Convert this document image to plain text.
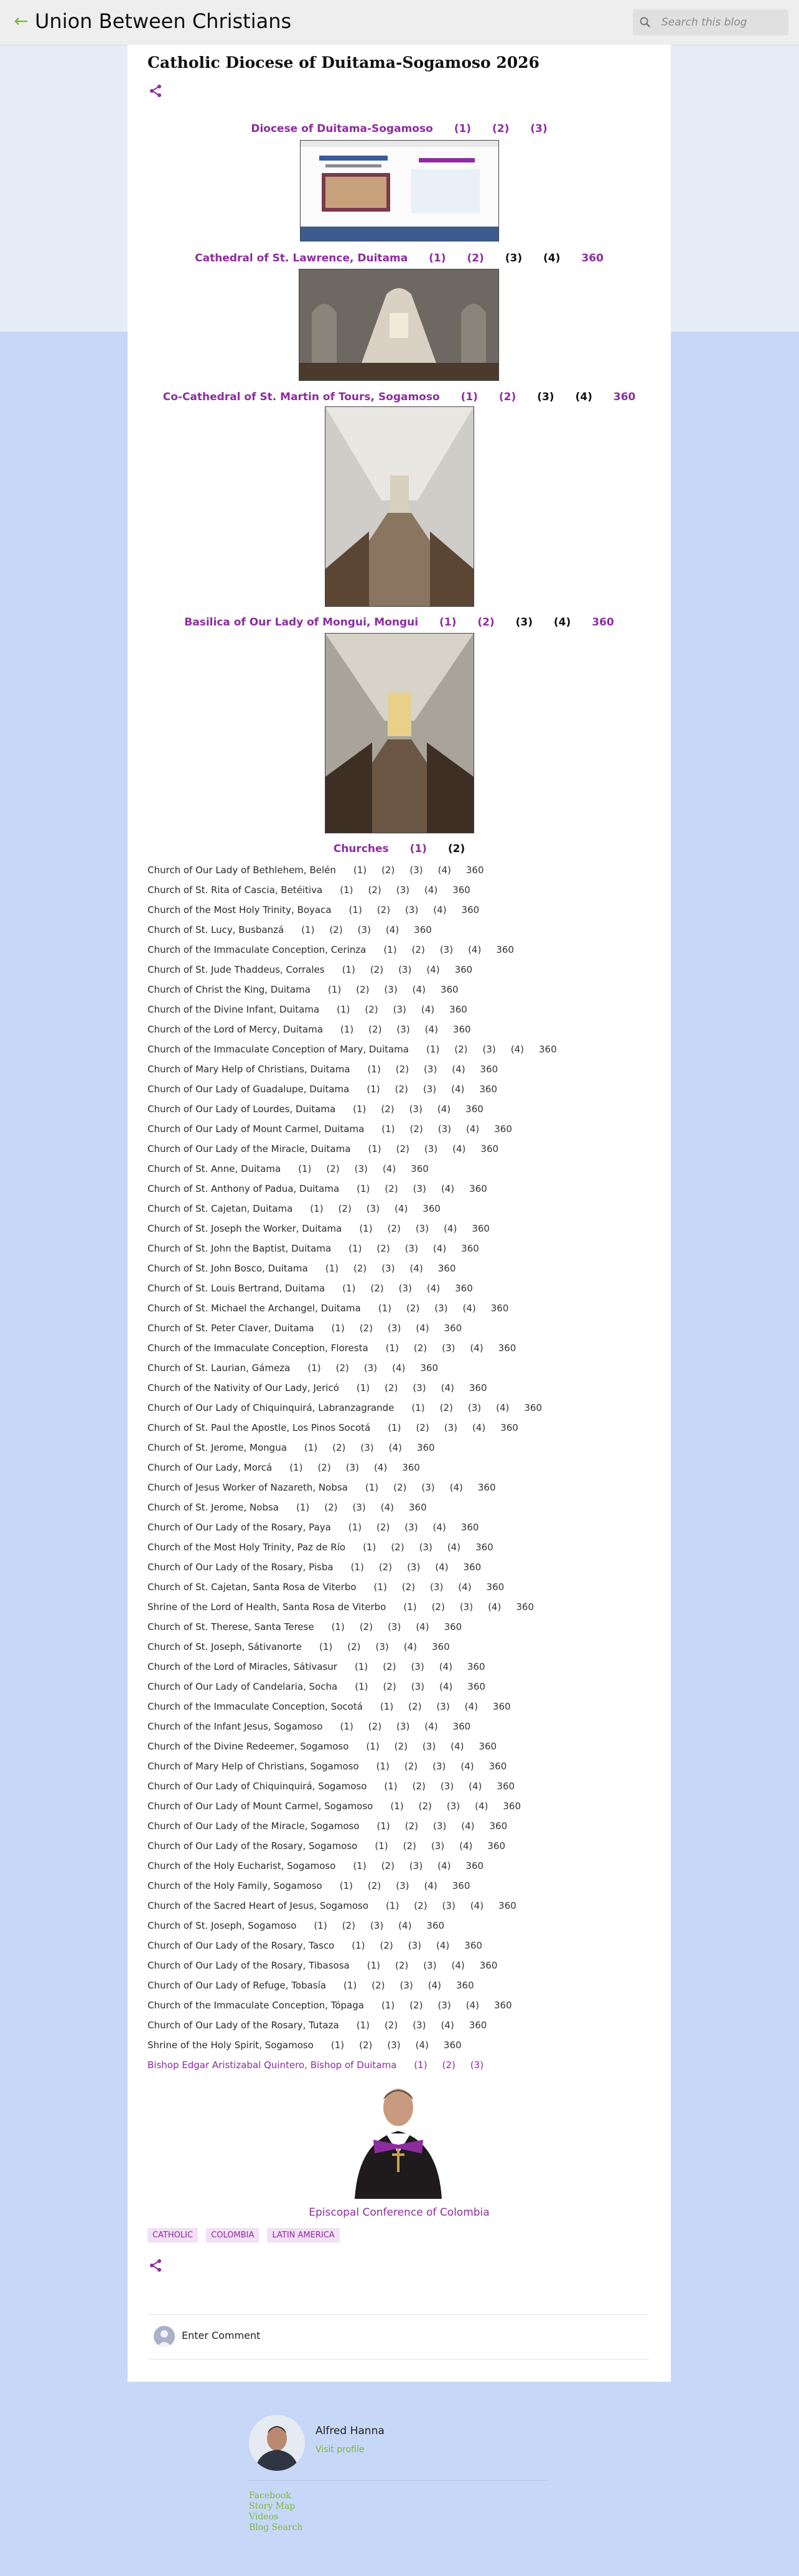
← Union Between Christians	Search this blog
Catholic Diocese of Duitama-Sogamoso 2026
Diocese of Duitama-Sogamoso (1) (2) (3)
Cathedral of St. Lawrence, Duitama (1) (2) (3) (4) 360
Co-Cathedral of St. Martin of Tours, Sogamoso (1) (2) (3) (4) 360
Basilica of Our Lady of Mongui, Mongui (1) (2) (3) (4) 360
Churches (1) (2)
Church of Our Lady of Bethlehem, Belén (1) (2) (3) (4) 360
Church of St. Rita of Cascia, Betéitiva (1) (2) (3) (4) 360
Church of the Most Holy Trinity, Boyaca (1) (2) (3) (4) 360
Church of St. Lucy, Busbanzá (1) (2) (3) (4) 360
Church of the Immaculate Conception, Cerinza (1) (2) (3) (4) 360
Church of St. Jude Thaddeus, Corrales (1) (2) (3) (4) 360
Church of Christ the King, Duitama (1) (2) (3) (4) 360
Church of the Divine Infant, Duitama (1) (2) (3) (4) 360
Church of the Lord of Mercy, Duitama (1) (2) (3) (4) 360
Church of the Immaculate Conception of Mary, Duitama (1) (2) (3) (4) 360
Church of Mary Help of Christians, Duitama (1) (2) (3) (4) 360
Church of Our Lady of Guadalupe, Duitama (1) (2) (3) (4) 360
Church of Our Lady of Lourdes, Duitama (1) (2) (3) (4) 360
Church of Our Lady of Mount Carmel, Duitama (1) (2) (3) (4) 360
Church of Our Lady of the Miracle, Duitama (1) (2) (3) (4) 360
Church of St. Anne, Duitama (1) (2) (3) (4) 360
Church of St. Anthony of Padua, Duitama (1) (2) (3) (4) 360
Church of St. Cajetan, Duitama (1) (2) (3) (4) 360
Church of St. Joseph the Worker, Duitama (1) (2) (3) (4) 360
Church of St. John the Baptist, Duitama (1) (2) (3) (4) 360
Church of St. John Bosco, Duitama (1) (2) (3) (4) 360
Church of St. Louis Bertrand, Duitama (1) (2) (3) (4) 360
Church of St. Michael the Archangel, Duitama (1) (2) (3) (4) 360
Church of St. Peter Claver, Duitama (1) (2) (3) (4) 360
Church of the Immaculate Conception, Floresta (1) (2) (3) (4) 360
Church of St. Laurian, Gámeza (1) (2) (3) (4) 360
Church of the Nativity of Our Lady, Jericó (1) (2) (3) (4) 360
Church of Our Lady of Chiquinquirá, Labranzagrande (1) (2) (3) (4) 360
Church of St. Paul the Apostle, Los Pinos Socotá (1) (2) (3) (4) 360
Church of St. Jerome, Mongua (1) (2) (3) (4) 360
Church of Our Lady, Morcá (1) (2) (3) (4) 360
Church of Jesus Worker of Nazareth, Nobsa (1) (2) (3) (4) 360
Church of St. Jerome, Nobsa (1) (2) (3) (4) 360
Church of Our Lady of the Rosary, Paya (1) (2) (3) (4) 360
Church of the Most Holy Trinity, Paz de Río (1) (2) (3) (4) 360
Church of Our Lady of the Rosary, Pisba (1) (2) (3) (4) 360
Church of St. Cajetan, Santa Rosa de Viterbo (1) (2) (3) (4) 360
Shrine of the Lord of Health, Santa Rosa de Viterbo (1) (2) (3) (4) 360
Church of St. Therese, Santa Terese (1) (2) (3) (4) 360
Church of St. Joseph, Sátivanorte (1) (2) (3) (4) 360
Church of the Lord of Miracles, Sátivasur (1) (2) (3) (4) 360
Church of Our Lady of Candelaria, Socha (1) (2) (3) (4) 360
Church of the Immaculate Conception, Socotá (1) (2) (3) (4) 360
Church of the Infant Jesus, Sogamoso (1) (2) (3) (4) 360
Church of the Divine Redeemer, Sogamoso (1) (2) (3) (4) 360
Church of Mary Help of Christians, Sogamoso (1) (2) (3) (4) 360
Church of Our Lady of Chiquinquirá, Sogamoso (1) (2) (3) (4) 360
Church of Our Lady of Mount Carmel, Sogamoso (1) (2) (3) (4) 360
Church of Our Lady of the Miracle, Sogamoso (1) (2) (3) (4) 360
Church of Our Lady of the Rosary, Sogamoso (1) (2) (3) (4) 360
Church of the Holy Eucharist, Sogamoso (1) (2) (3) (4) 360
Church of the Holy Family, Sogamoso (1) (2) (3) (4) 360
Church of the Sacred Heart of Jesus, Sogamoso (1) (2) (3) (4) 360
Church of St. Joseph, Sogamoso (1) (2) (3) (4) 360
Church of Our Lady of the Rosary, Tasco (1) (2) (3) (4) 360
Church of Our Lady of the Rosary, Tibasosa (1) (2) (3) (4) 360
Church of Our Lady of Refuge, Tobasía (1) (2) (3) (4) 360
Church of the Immaculate Conception, Tópaga (1) (2) (3) (4) 360
Church of Our Lady of the Rosary, Tutaza (1) (2) (3) (4) 360
Shrine of the Holy Spirit, Sogamoso (1) (2) (3) (4) 360
Bishop Edgar Aristizabal Quintero, Bishop of Duitama (1) (2) (3)
Episcopal Conference of Colombia
CATHOLIC COLOMBIA LATIN AMERICA
Enter Comment
Alfred Hanna
Visit profile
Facebook
Story Map
Videos
Blog Search
